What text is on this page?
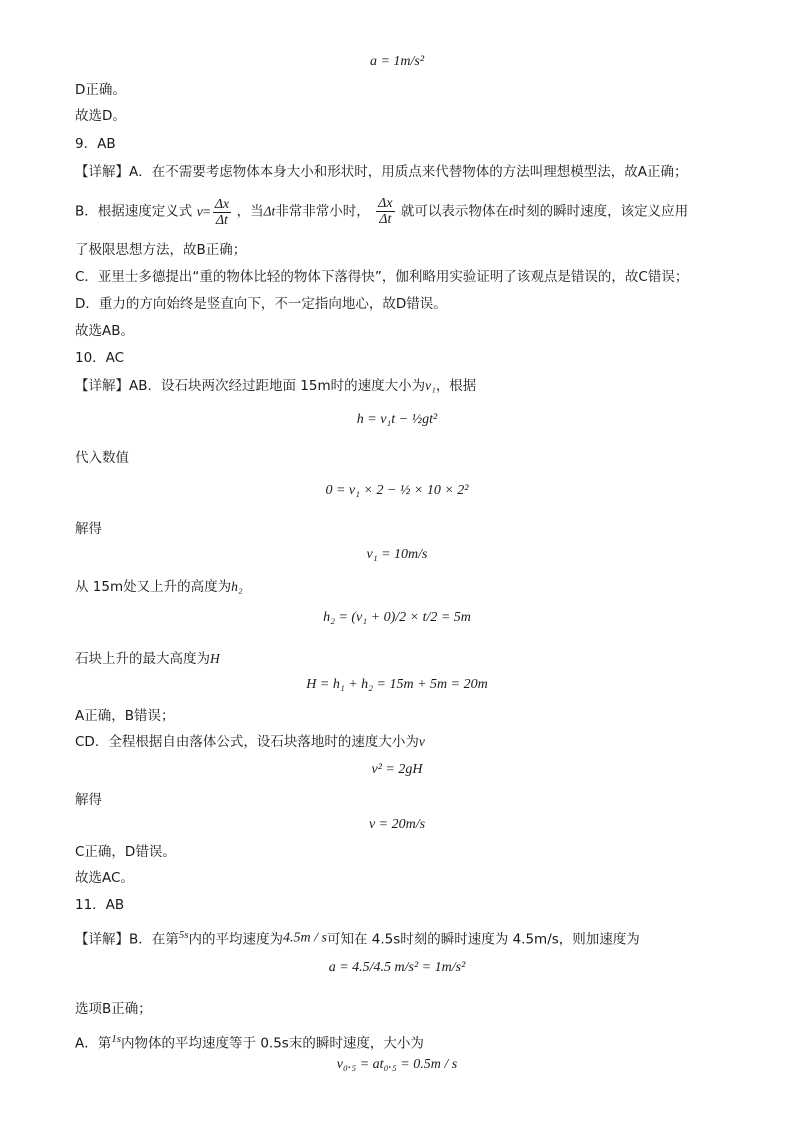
a = 1m/s²
D正确。
故选D。
9．AB
【详解】A．在不需要考虑物体本身大小和形状时，用质点来代替物体的方法叫理想模型法，故A正确；
B．根据速度定义式 $v= \frac{\Delta x}{\Delta t}$ ，当Δt非常非常小时， $\frac{\Delta x}{\Delta t}$ 就可以表示物体在t时刻的瞬时速度，该定义应用
了极限思想方法，故B正确；
C．亚里士多德提出“重的物体比轻的物体下落得快”，伽利略用实验证明了该观点是错误的，故C错误；
D．重力的方向始终是竖直向下，不一定指向地心，故D错误。
故选AB。
10．AC
【详解】AB．设石块两次经过距地面 15m时的速度大小为v₁，根据
h = v₁t − ½gt²
代入数值
0 = v₁ × 2 − ½ × 10 × 2²
解得
v₁ = 10m/s
从 15m处又上升的高度为h₂
h₂ = (v₁ + 0)/2 × t/2 = 5m
石块上升的最大高度为H
H = h₁ + h₂ = 15m + 5m = 20m
A正确，B错误；
CD．全程根据自由落体公式，设石块落地时的速度大小为v
v² = 2gH
解得
v = 20m/s
C正确，D错误。
故选AC。
11．AB
【详解】B．在第$^{5s}$内的平均速度为4.5m / s可知在 4.5s时刻的瞬时速度为 4.5m/s，则加速度为
a = 4.5/4.5 m/s² = 1m/s²
选项B正确；
A．第$^{1s}$内物体的平均速度等于 0.5s末的瞬时速度，大小为
v₀.₅ = at₀.₅ = 0.5m / s
